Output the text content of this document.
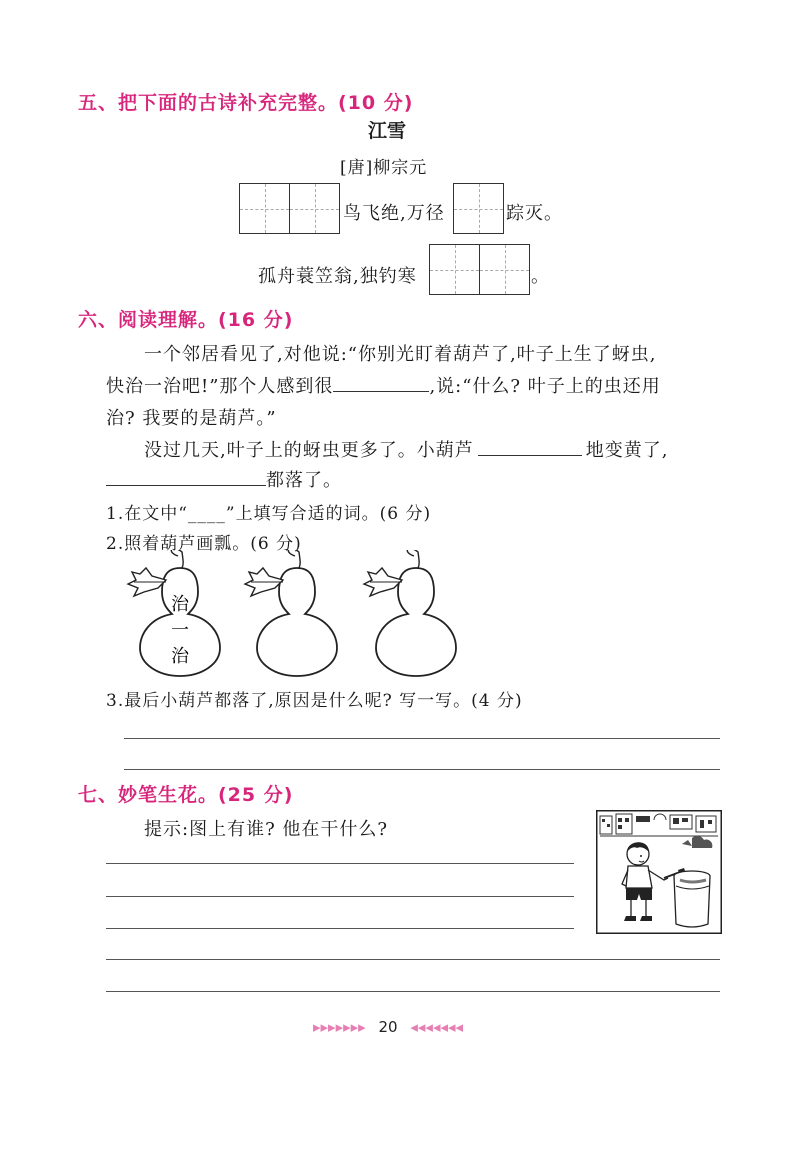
五、把下面的古诗补充完整。(10 分)
江雪
[唐]柳宗元
鸟飞绝,万径	踪灭。
孤舟蓑笠翁,独钓寒	。
六、阅读理解。(16 分)
一个邻居看见了,对他说:“你别光盯着葫芦了,叶子上生了蚜虫,
快治一治吧!”那个人感到很	,说:“什么? 叶子上的虫还用
治? 我要的是葫芦。”
没过几天,叶子上的蚜虫更多了。小葫芦	地变黄了,
都落了。
1.在文中“____”上填写合适的词。(6 分)
2.照着葫芦画瓢。(6 分)
治
一
治
3.最后小葫芦都落了,原因是什么呢? 写一写。(4 分)
七、妙笔生花。(25 分)
提示:图上有谁? 他在干什么?
▸▸▸▸▸▸▸ 20 ◂◂◂◂◂◂◂
